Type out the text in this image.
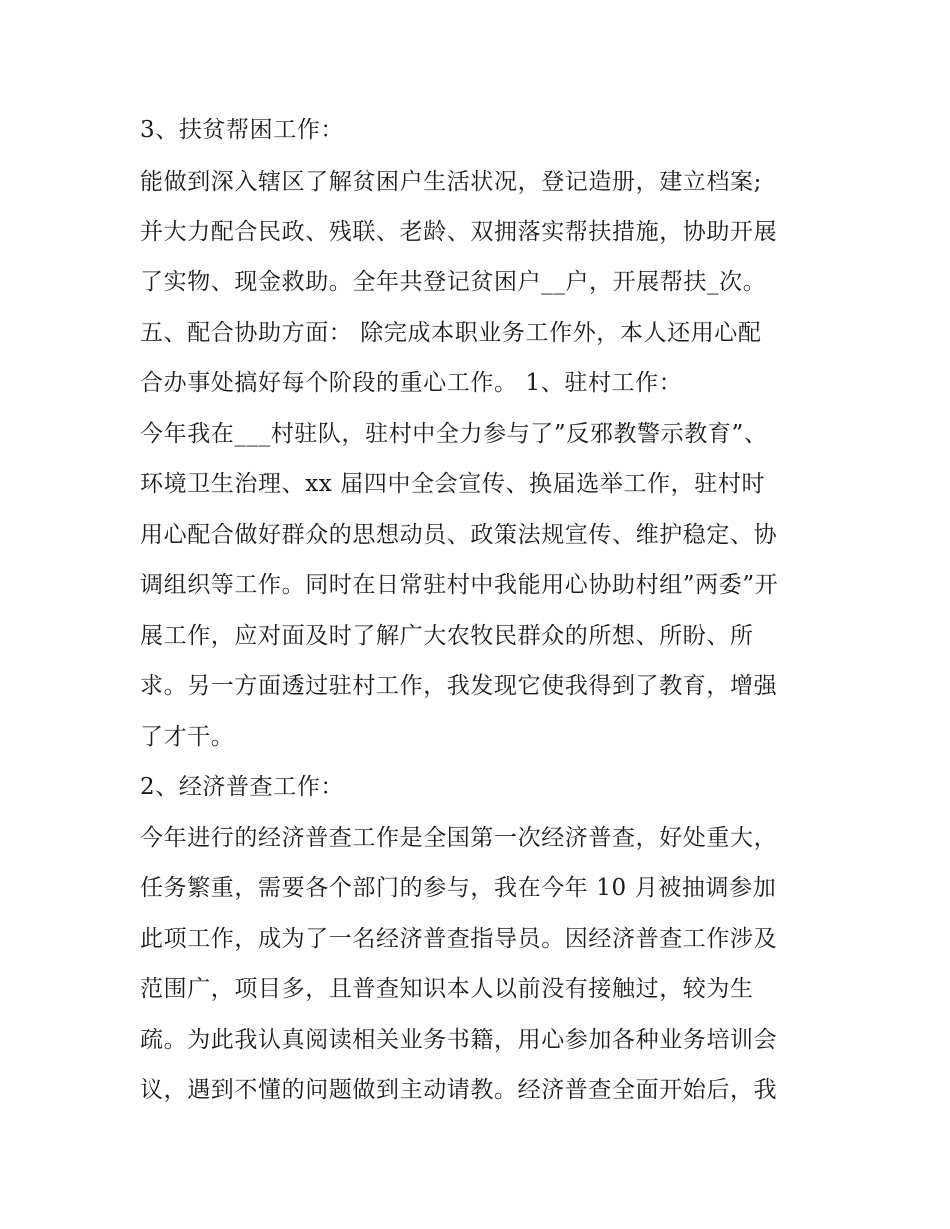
3、扶贫帮困工作：

能做到深入辖区了解贫困户生活状况，登记造册，建立档案;

并大力配合民政、残联、老龄、双拥落实帮扶措施，协助开展

了实物、现金救助。全年共登记贫困户__户，开展帮扶_次。

五、配合协助方面： 除完成本职业务工作外，本人还用心配

合办事处搞好每个阶段的重心工作。 1、驻村工作：

今年我在___村驻队，驻村中全力参与了”反邪教警示教育”、

环境卫生治理、xx 届四中全会宣传、换届选举工作，驻村时

用心配合做好群众的思想动员、政策法规宣传、维护稳定、协

调组织等工作。同时在日常驻村中我能用心协助村组”两委”开

展工作，应对面及时了解广大农牧民群众的所想、所盼、所

求。另一方面透过驻村工作，我发现它使我得到了教育，增强

了才干。

2、经济普查工作：

今年进行的经济普查工作是全国第一次经济普查，好处重大，

任务繁重，需要各个部门的参与，我在今年 10 月被抽调参加

此项工作，成为了一名经济普查指导员。因经济普查工作涉及

范围广，项目多，且普查知识本人以前没有接触过，较为生

疏。为此我认真阅读相关业务书籍，用心参加各种业务培训会

议，遇到不懂的问题做到主动请教。经济普查全面开始后，我
